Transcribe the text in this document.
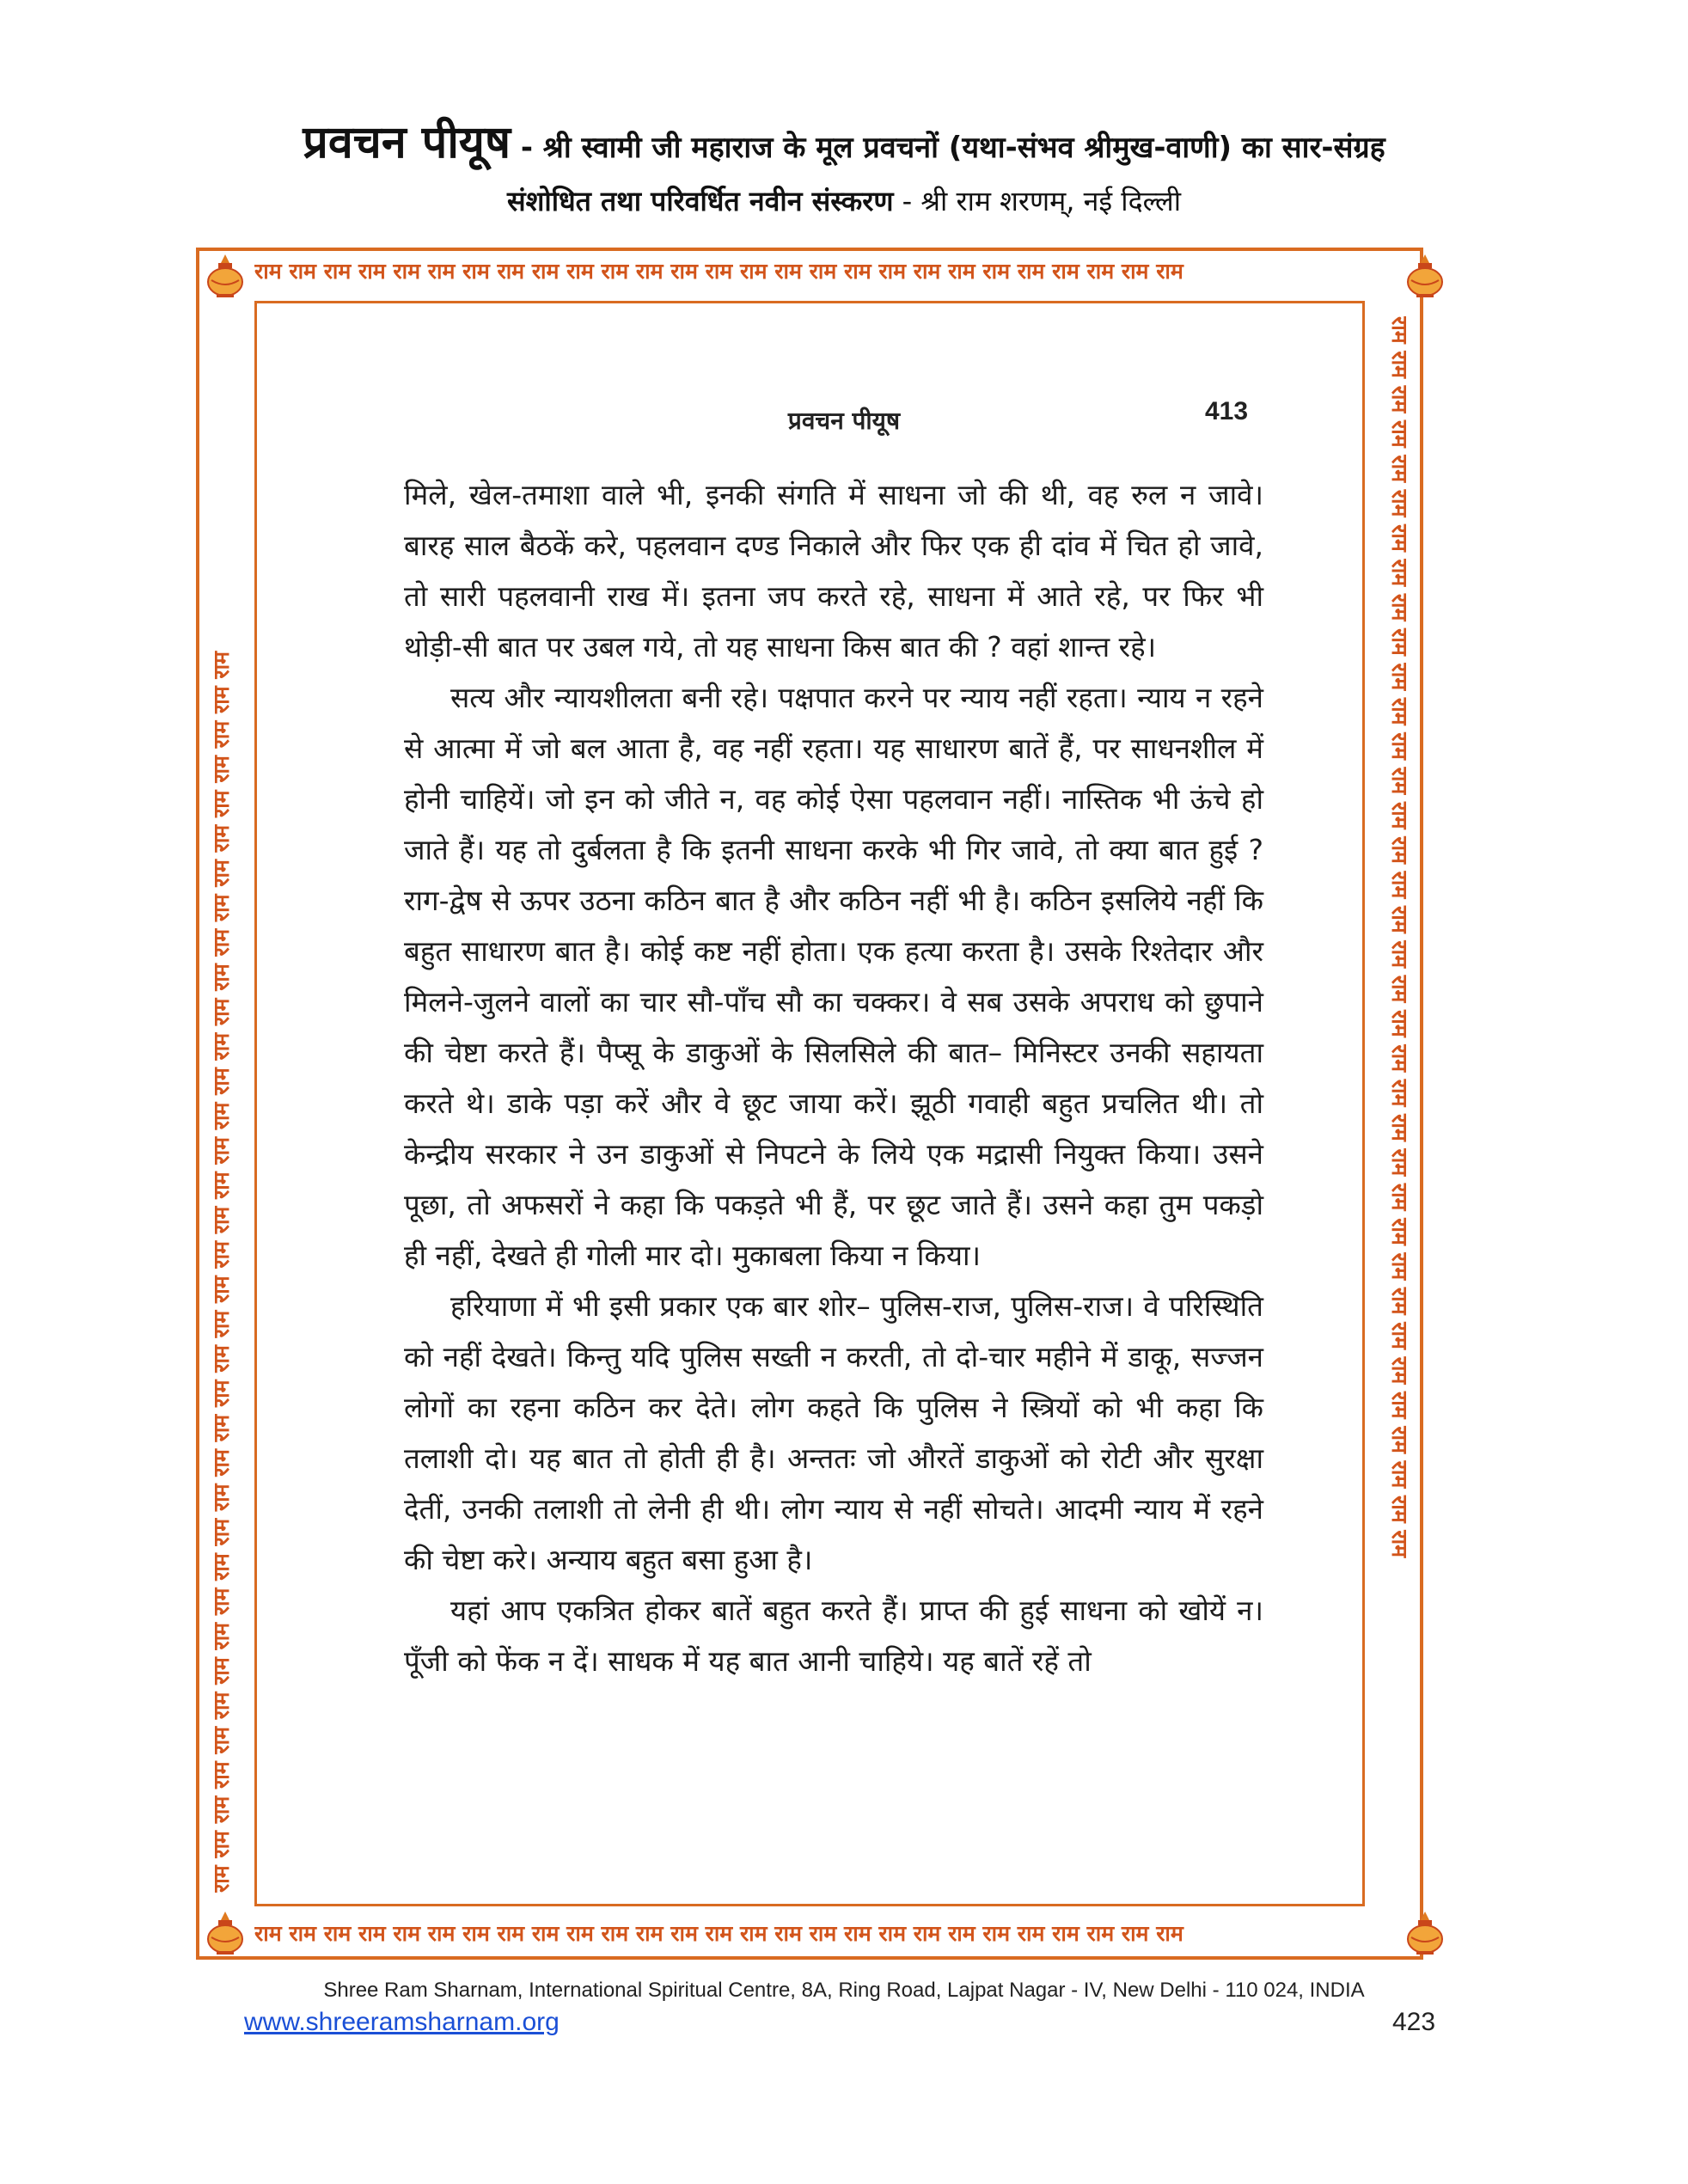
प्रवचन पीयूष - श्री स्वामी जी महाराज के मूल प्रवचनों (यथा-संभव श्रीमुख-वाणी) का सार-संग्रह
संशोधित तथा परिवर्धित नवीन संस्करण - श्री राम शरणम्, नई दिल्ली
राम राम राम राम राम राम राम राम राम राम राम राम राम राम राम राम राम राम राम राम राम राम राम राम राम राम राम
राम राम राम राम राम राम राम राम राम राम राम राम राम राम राम राम राम राम राम राम राम राम राम राम राम राम राम
राम राम राम राम राम राम राम राम राम राम राम राम राम राम राम राम राम राम राम राम राम राम राम राम राम राम राम राम राम राम राम राम राम राम राम राम	राम राम राम राम राम राम राम राम राम राम राम राम राम राम राम राम राम राम राम राम राम राम राम राम राम राम राम राम राम राम राम राम राम राम राम राम
प्रवचन पीयूष	413

मिले, खेल-तमाशा वाले भी, इनकी संगति में साधना जो की थी, वह रुल न जावे। बारह साल बैठकें करे, पहलवान दण्ड निकाले और फिर एक ही दांव में चित हो जावे, तो सारी पहलवानी राख में। इतना जप करते रहे, साधना में आते रहे, पर फिर भी थोड़ी-सी बात पर उबल गये, तो यह साधना किस बात की ? वहां शान्त रहे।

सत्य और न्यायशीलता बनी रहे। पक्षपात करने पर न्याय नहीं रहता। न्याय न रहने से आत्मा में जो बल आता है, वह नहीं रहता। यह साधारण बातें हैं, पर साधनशील में होनी चाहियें। जो इन को जीते न, वह कोई ऐसा पहलवान नहीं। नास्तिक भी ऊंचे हो जाते हैं। यह तो दुर्बलता है कि इतनी साधना करके भी गिर जावे, तो क्या बात हुई ? राग-द्वेष से ऊपर उठना कठिन बात है और कठिन नहीं भी है। कठिन इसलिये नहीं कि बहुत साधारण बात है। कोई कष्ट नहीं होता। एक हत्या करता है। उसके रिश्तेदार और मिलने-जुलने वालों का चार सौ-पाँच सौ का चक्कर। वे सब उसके अपराध को छुपाने की चेष्टा करते हैं। पैप्सू के डाकुओं के सिलसिले की बात– मिनिस्टर उनकी सहायता करते थे। डाके पड़ा करें और वे छूट जाया करें। झूठी गवाही बहुत प्रचलित थी। तो केन्द्रीय सरकार ने उन डाकुओं से निपटने के लिये एक मद्रासी नियुक्त किया। उसने पूछा, तो अफसरों ने कहा कि पकड़ते भी हैं, पर छूट जाते हैं। उसने कहा तुम पकड़ो ही नहीं, देखते ही गोली मार दो। मुकाबला किया न किया।

हरियाणा में भी इसी प्रकार एक बार शोर– पुलिस-राज, पुलिस-राज। वे परिस्थिति को नहीं देखते। किन्तु यदि पुलिस सख्ती न करती, तो दो-चार महीने में डाकू, सज्जन लोगों का रहना कठिन कर देते। लोग कहते कि पुलिस ने स्त्रियों को भी कहा कि तलाशी दो। यह बात तो होती ही है। अन्ततः जो औरतें डाकुओं को रोटी और सुरक्षा देतीं, उनकी तलाशी तो लेनी ही थी। लोग न्याय से नहीं सोचते। आदमी न्याय में रहने की चेष्टा करे। अन्याय बहुत बसा हुआ है।

यहां आप एकत्रित होकर बातें बहुत करते हैं। प्राप्त की हुई साधना को खोयें न। पूँजी को फेंक न दें। साधक में यह बात आनी चाहिये। यह बातें रहें तो

Shree Ram Sharnam, International Spiritual Centre, 8A, Ring Road, Lajpat Nagar - IV, New Delhi - 110 024, INDIA
www.shreeramsharnam.org	423
